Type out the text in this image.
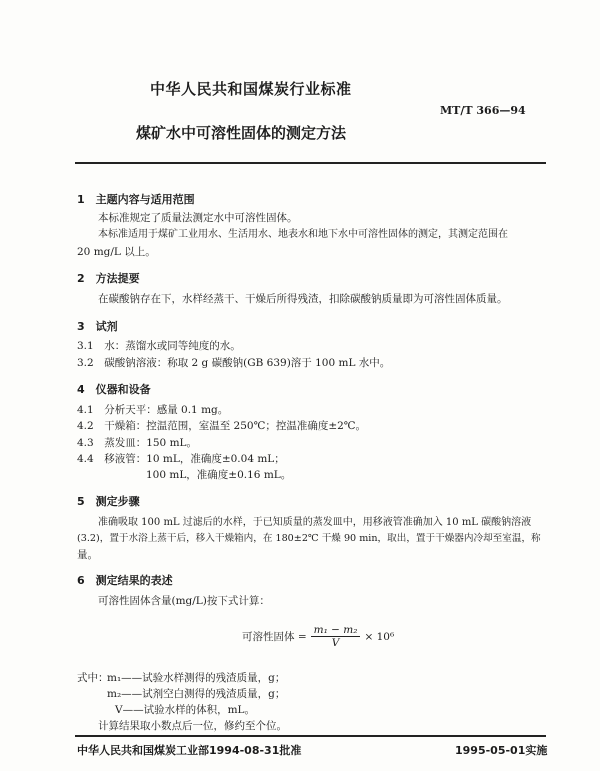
中华人民共和国煤炭行业标准
MT/T 366—94
煤矿水中可溶性固体的测定方法
1　主题内容与适用范围
本标准规定了质量法测定水中可溶性固体。
本标准适用于煤矿工业用水、生活用水、地表水和地下水中可溶性固体的测定，其测定范围在
20 mg/L 以上。
2　方法提要
在碳酸钠存在下，水样经蒸干、干燥后所得残渣，扣除碳酸钠质量即为可溶性固体质量。
3　试剂
3.1　水：蒸馏水或同等纯度的水。
3.2　碳酸钠溶液：称取 2 g 碳酸钠(GB 639)溶于 100 mL 水中。
4　仪器和设备
4.1　分析天平：感量 0.1 mg。
4.2　干燥箱：控温范围，室温至 250℃；控温准确度±2℃。
4.3　蒸发皿：150 mL。
4.4　移液管：10 mL，准确度±0.04 mL；
100 mL，准确度±0.16 mL。
5　测定步骤
准确吸取 100 mL 过滤后的水样，于已知质量的蒸发皿中，用移液管准确加入 10 mL 碳酸钠溶液
(3.2)，置于水浴上蒸干后，移入干燥箱内，在 180±2℃ 干燥 90 min，取出，置于干燥器内冷却至室温，称
量。
6　测定结果的表述
可溶性固体含量(mg/L)按下式计算：
可溶性固体 = $\frac{\text{m₁ − m₂}}{V} \times 10^6$
式中：
m₁——试验水样测得的残渣质量，g；
m₂——试剂空白测得的残渣质量，g；
V——试验水样的体积，mL。
计算结果取小数点后一位，修约至个位。
中华人民共和国煤炭工业部1994-08-31批准	1995-05-01实施
